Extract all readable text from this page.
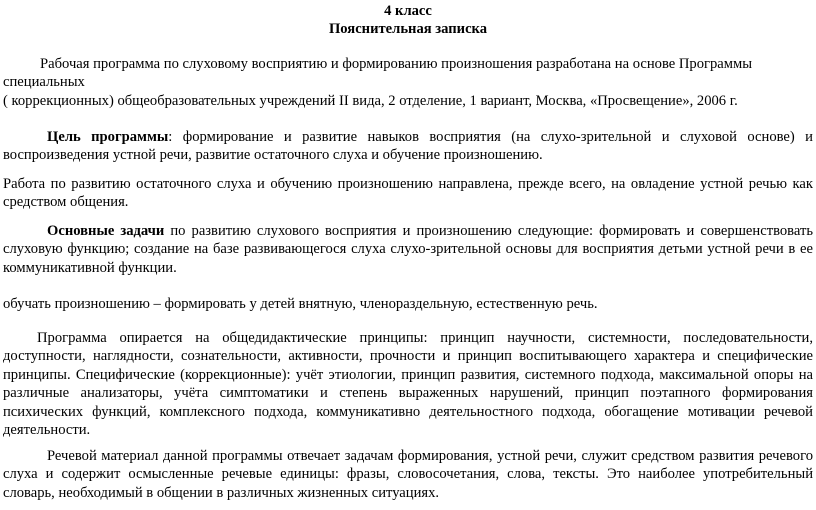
4 класс
Пояснительная записка
Рабочая программа по слуховому восприятию и формированию произношения разработана на основе Программы
специальных
( коррекционных) общеобразовательных учреждений II вида, 2 отделение, 1 вариант, Москва, «Просвещение», 2006 г.
Цель программы: формирование и развитие навыков восприятия (на слухо-зрительной и слуховой основе) и воспроизведения устной речи, развитие остаточного слуха и обучение произношению.
Работа по развитию остаточного слуха и обучению произношению направлена, прежде всего, на овладение устной речью как средством общения.
Основные задачи по развитию слухового восприятия и произношению следующие: формировать и совершенствовать слуховую функцию; создание на базе развивающегося слуха слухо-зрительной основы для восприятия детьми устной речи в ее коммуникативной функции.
обучать произношению – формировать у детей внятную, членораздельную, естественную речь.
Программа опирается на общедидактические принципы: принцип научности, системности, последовательности, доступности, наглядности, сознательности, активности, прочности и принцип воспитывающего характера и специфические принципы. Специфические (коррекционные): учёт этиологии, принцип развития, системного подхода, максимальной опоры на различные анализаторы, учёта симптоматики и степень выраженных нарушений, принцип поэтапного формирования психических функций, комплексного подхода, коммуникативно деятельностного подхода, обогащение мотивации речевой деятельности.
Речевой материал данной программы отвечает задачам формирования, устной речи, служит средством развития речевого слуха и содержит осмысленные речевые единицы: фразы, словосочетания, слова, тексты. Это наиболее употребительный словарь, необходимый в общении в различных жизненных ситуациях.
